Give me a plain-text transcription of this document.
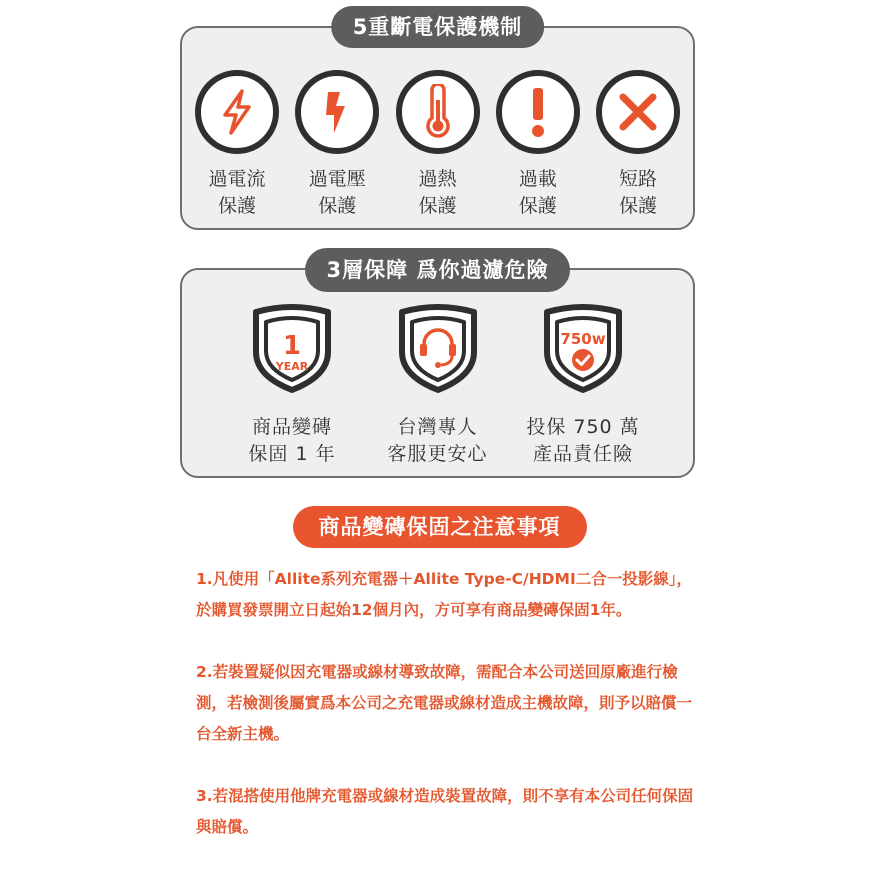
5重斷電保護機制
過電流
保護
過電壓
保護
過熱
保護
過載
保護
短路
保護
3層保障 爲你過濾危險
1
YEAR
商品變磚
保固 1 年
台灣專人
客服更安心
750w
投保 750 萬
產品責任險
商品變磚保固之注意事項

1.凡使用「Allite系列充電器＋Allite Type-C/HDMI二合一投影線」，於購買發票開立日起始12個月內，方可享有商品變磚保固1年。

2.若裝置疑似因充電器或線材導致故障，需配合本公司送回原廠進行檢測，若檢測後屬實爲本公司之充電器或線材造成主機故障，則予以賠償一台全新主機。

3.若混搭使用他牌充電器或線材造成裝置故障，則不享有本公司任何保固與賠償。
